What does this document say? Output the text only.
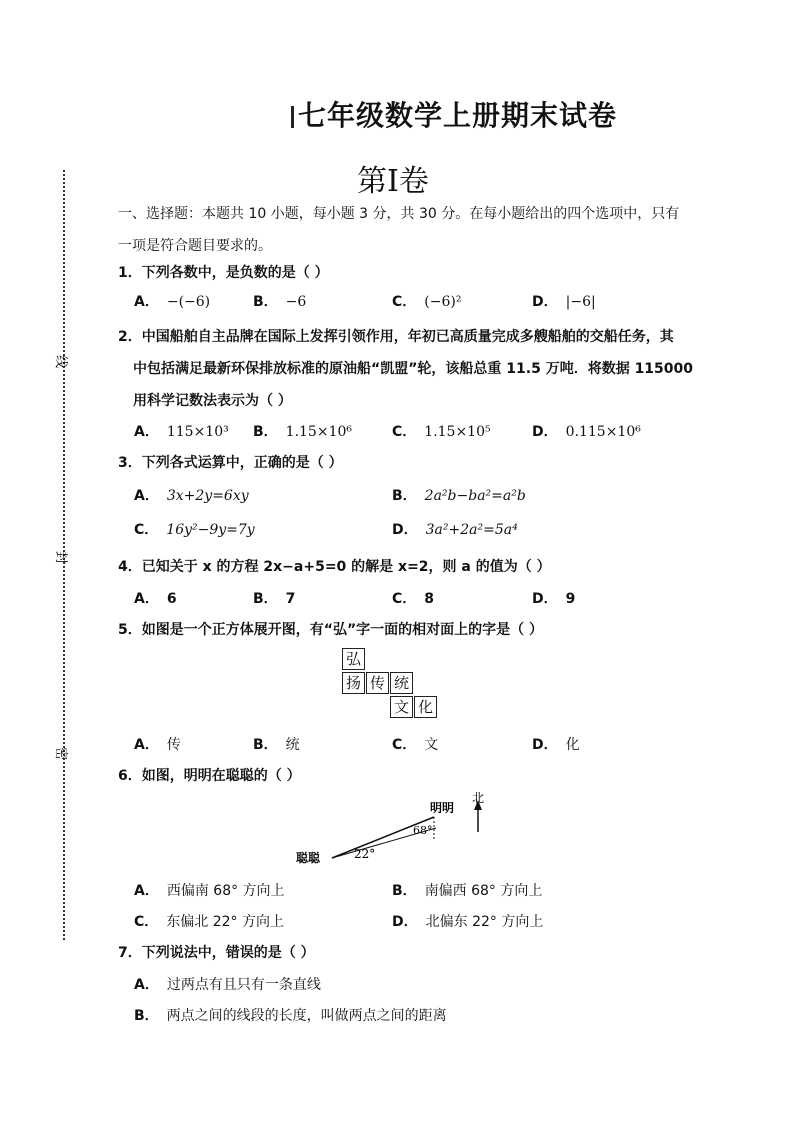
七年级数学上册期末试卷
第Ⅰ卷
线
封
密
一、选择题：本题共 10 小题，每小题 3 分，共 30 分。在每小题给出的四个选项中，只有
一项是符合题目要求的。
1．下列各数中，是负数的是（ ）
A． −(−6)	B． −6	C． (−6)²	D． |−6|
2．中国船舶自主品牌在国际上发挥引领作用，年初已高质量完成多艘船舶的交船任务，其
中包括满足最新环保排放标准的原油船“凯盟”轮，该船总重 11.5 万吨．将数据 115000
用科学记数法表示为（ ）
A． 115×10³ B． 1.15×10⁶	C． 1.15×10⁵	D． 0.115×10⁶
3．下列各式运算中，正确的是（ ）
A． 3x+2y=6xy	B． 2a²b−ba²=a²b
C． 16y²−9y=7y	D． 3a²+2a²=5a⁴
4．已知关于 x 的方程 2x−a+5=0 的解是 x=2，则 a 的值为（ ）
A． 6	B． 7	C． 8	D． 9
5．如图是一个正方体展开图，有“弘”字一面的相对面上的字是（ ）
弘
扬 传 统
文 化
A． 传	B． 统	C． 文	D． 化
6．如图，明明在聪聪的（ ）
北
明明
68°
聪聪	22°
A． 西偏南 68° 方向上	B． 南偏西 68° 方向上
C． 东偏北 22° 方向上	D． 北偏东 22° 方向上
7．下列说法中，错误的是（ ）
A． 过两点有且只有一条直线
B． 两点之间的线段的长度，叫做两点之间的距离
